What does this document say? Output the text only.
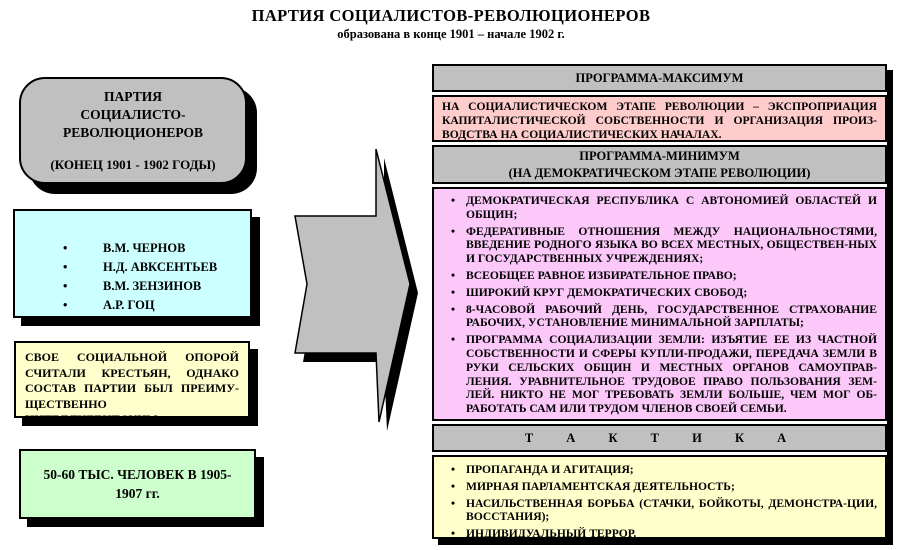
ПАРТИЯ СОЦИАЛИСТОВ-РЕВОЛЮЦИОНЕРОВ
образована в конце 1901 – начале 1902 г.
ПАРТИЯ СОЦИАЛИСТО-РЕВОЛЮЦИОНЕРОВ
(КОНЕЦ 1901 - 1902 ГОДЫ)
•
В.М. ЧЕРНОВ
•
Н.Д. АВКСЕНТЬЕВ
•
В.М. ЗЕНЗИНОВ
•
А.Р. ГОЦ
СВОЕ СОЦИАЛЬНОЙ ОПОРОЙ СЧИТАЛИ КРЕСТЬЯН, ОДНАКО СОСТАВ ПАРТИИ БЫЛ ПРЕИМУ-ЩЕСТВЕННО ИНТЕЛЛИГЕНТСКИМ
50-60 ТЫС. ЧЕЛОВЕК В 1905-1907 гг.
ПРОГРАММА-МАКСИМУМ
НА СОЦИАЛИСТИЧЕСКОМ ЭТАПЕ РЕВОЛЮЦИИ – ЭКСПРОПРИАЦИЯ КАПИТАЛИСТИЧЕСКОЙ СОБСТВЕННОСТИ И ОРГАНИЗАЦИЯ ПРОИЗ-ВОДСТВА НА СОЦИАЛИСТИЧЕСКИХ НАЧАЛАХ.
ПРОГРАММА-МИНИМУМ
(НА ДЕМОКРАТИЧЕСКОМ ЭТАПЕ РЕВОЛЮЦИИ)
•
ДЕМОКРАТИЧЕСКАЯ РЕСПУБЛИКА С АВТОНОМИЕЙ ОБЛАСТЕЙ И ОБЩИН;
•
ФЕДЕРАТИВНЫЕ ОТНОШЕНИЯ МЕЖДУ НАЦИОНАЛЬНОСТЯМИ, ВВЕДЕНИЕ РОДНОГО ЯЗЫКА ВО ВСЕХ МЕСТНЫХ, ОБЩЕСТВЕН-НЫХ И ГОСУДАРСТВЕННЫХ УЧРЕЖДЕНИЯХ;
•
ВСЕОБЩЕЕ РАВНОЕ ИЗБИРАТЕЛЬНОЕ ПРАВО;
•
ШИРОКИЙ КРУГ ДЕМОКРАТИЧЕСКИХ СВОБОД;
•
8-ЧАСОВОЙ РАБОЧИЙ ДЕНЬ, ГОСУДАРСТВЕННОЕ СТРАХОВАНИЕ РАБОЧИХ, УСТАНОВЛЕНИЕ МИНИМАЛЬНОЙ ЗАРПЛАТЫ;
•
ПРОГРАММА СОЦИАЛИЗАЦИИ ЗЕМЛИ: ИЗЪЯТИЕ ЕЕ ИЗ ЧАСТНОЙ СОБСТВЕННОСТИ И СФЕРЫ КУПЛИ-ПРОДАЖИ, ПЕРЕДАЧА ЗЕМЛИ В РУКИ СЕЛЬСКИХ ОБЩИН И МЕСТНЫХ ОРГАНОВ САМОУПРАВ-ЛЕНИЯ. УРАВНИТЕЛЬНОЕ ТРУДОВОЕ ПРАВО ПОЛЬЗОВАНИЯ ЗЕМ-ЛЕЙ. НИКТО НЕ МОГ ТРЕБОВАТЬ ЗЕМЛИ БОЛЬШЕ, ЧЕМ МОГ ОБ-РАБОТАТЬ САМ ИЛИ ТРУДОМ ЧЛЕНОВ СВОЕЙ СЕМЬИ.
Т А К Т И К А
•
ПРОПАГАНДА И АГИТАЦИЯ;
•
МИРНАЯ ПАРЛАМЕНТСКАЯ ДЕЯТЕЛЬНОСТЬ;
•
НАСИЛЬСТВЕННАЯ БОРЬБА (СТАЧКИ, БОЙКОТЫ, ДЕМОНСТРА-ЦИИ, ВОССТАНИЯ);
•
ИНДИВИДУАЛЬНЫЙ ТЕРРОР.
